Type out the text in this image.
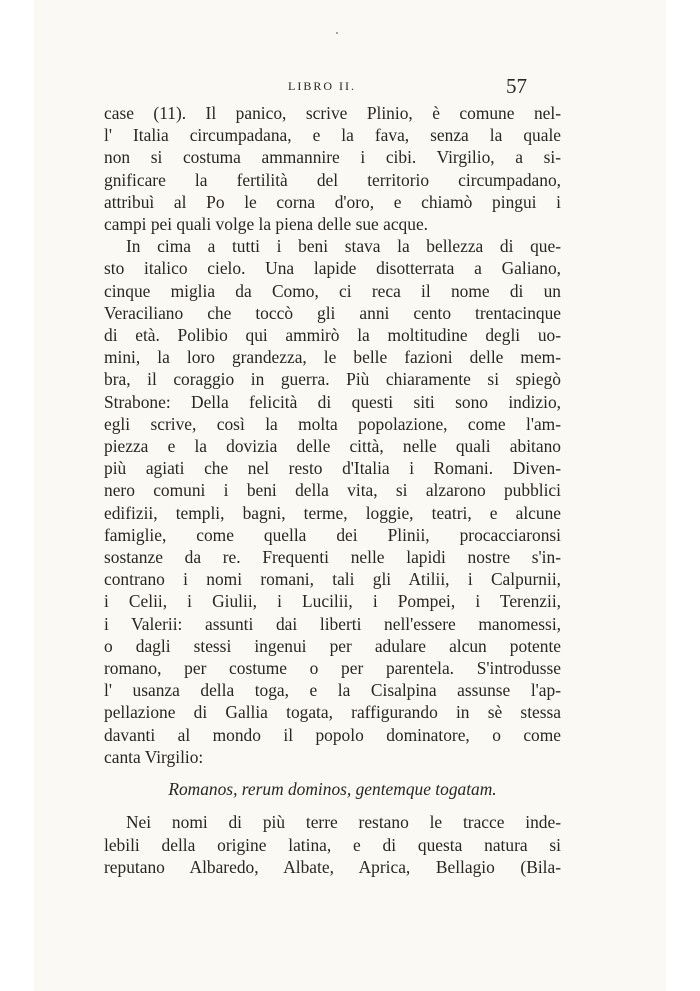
LIBRO II.	57
case (11). Il panico, scrive Plinio, è comune nel-
l' Italia circumpadana, e la fava, senza la quale
non si costuma ammannire i cibi. Virgilio, a si-
gnificare la fertilità del territorio circumpadano,
attribuì al Po le corna d'oro, e chiamò pingui i
campi pei quali volge la piena delle sue acque.
In cima a tutti i beni stava la bellezza di que-
sto italico cielo. Una lapide disotterrata a Galiano,
cinque miglia da Como, ci reca il nome di un
Veraciliano che toccò gli anni cento trentacinque
di età. Polibio qui ammirò la moltitudine degli uo-
mini, la loro grandezza, le belle fazioni delle mem-
bra, il coraggio in guerra. Più chiaramente si spiegò
Strabone: Della felicità di questi siti sono indizio,
egli scrive, così la molta popolazione, come l'am-
piezza e la dovizia delle città, nelle quali abitano
più agiati che nel resto d'Italia i Romani. Diven-
nero comuni i beni della vita, si alzarono pubblici
edifizii, templi, bagni, terme, loggie, teatri, e alcune
famiglie, come quella dei Plinii, procacciaronsi
sostanze da re. Frequenti nelle lapidi nostre s'in-
contrano i nomi romani, tali gli Atilii, i Calpurnii,
i Celii, i Giulii, i Lucilii, i Pompei, i Terenzii,
i Valerii: assunti dai liberti nell'essere manomessi,
o dagli stessi ingenui per adulare alcun potente
romano, per costume o per parentela. S'introdusse
l' usanza della toga, e la Cisalpina assunse l'ap-
pellazione di Gallia togata, raffigurando in sè stessa
davanti al mondo il popolo dominatore, o come
canta Virgilio:
Romanos, rerum dominos, gentemque togatam.
Nei nomi di più terre restano le tracce inde-
lebili della origine latina, e di questa natura si
reputano Albaredo, Albate, Aprica, Bellagio (Bila-
